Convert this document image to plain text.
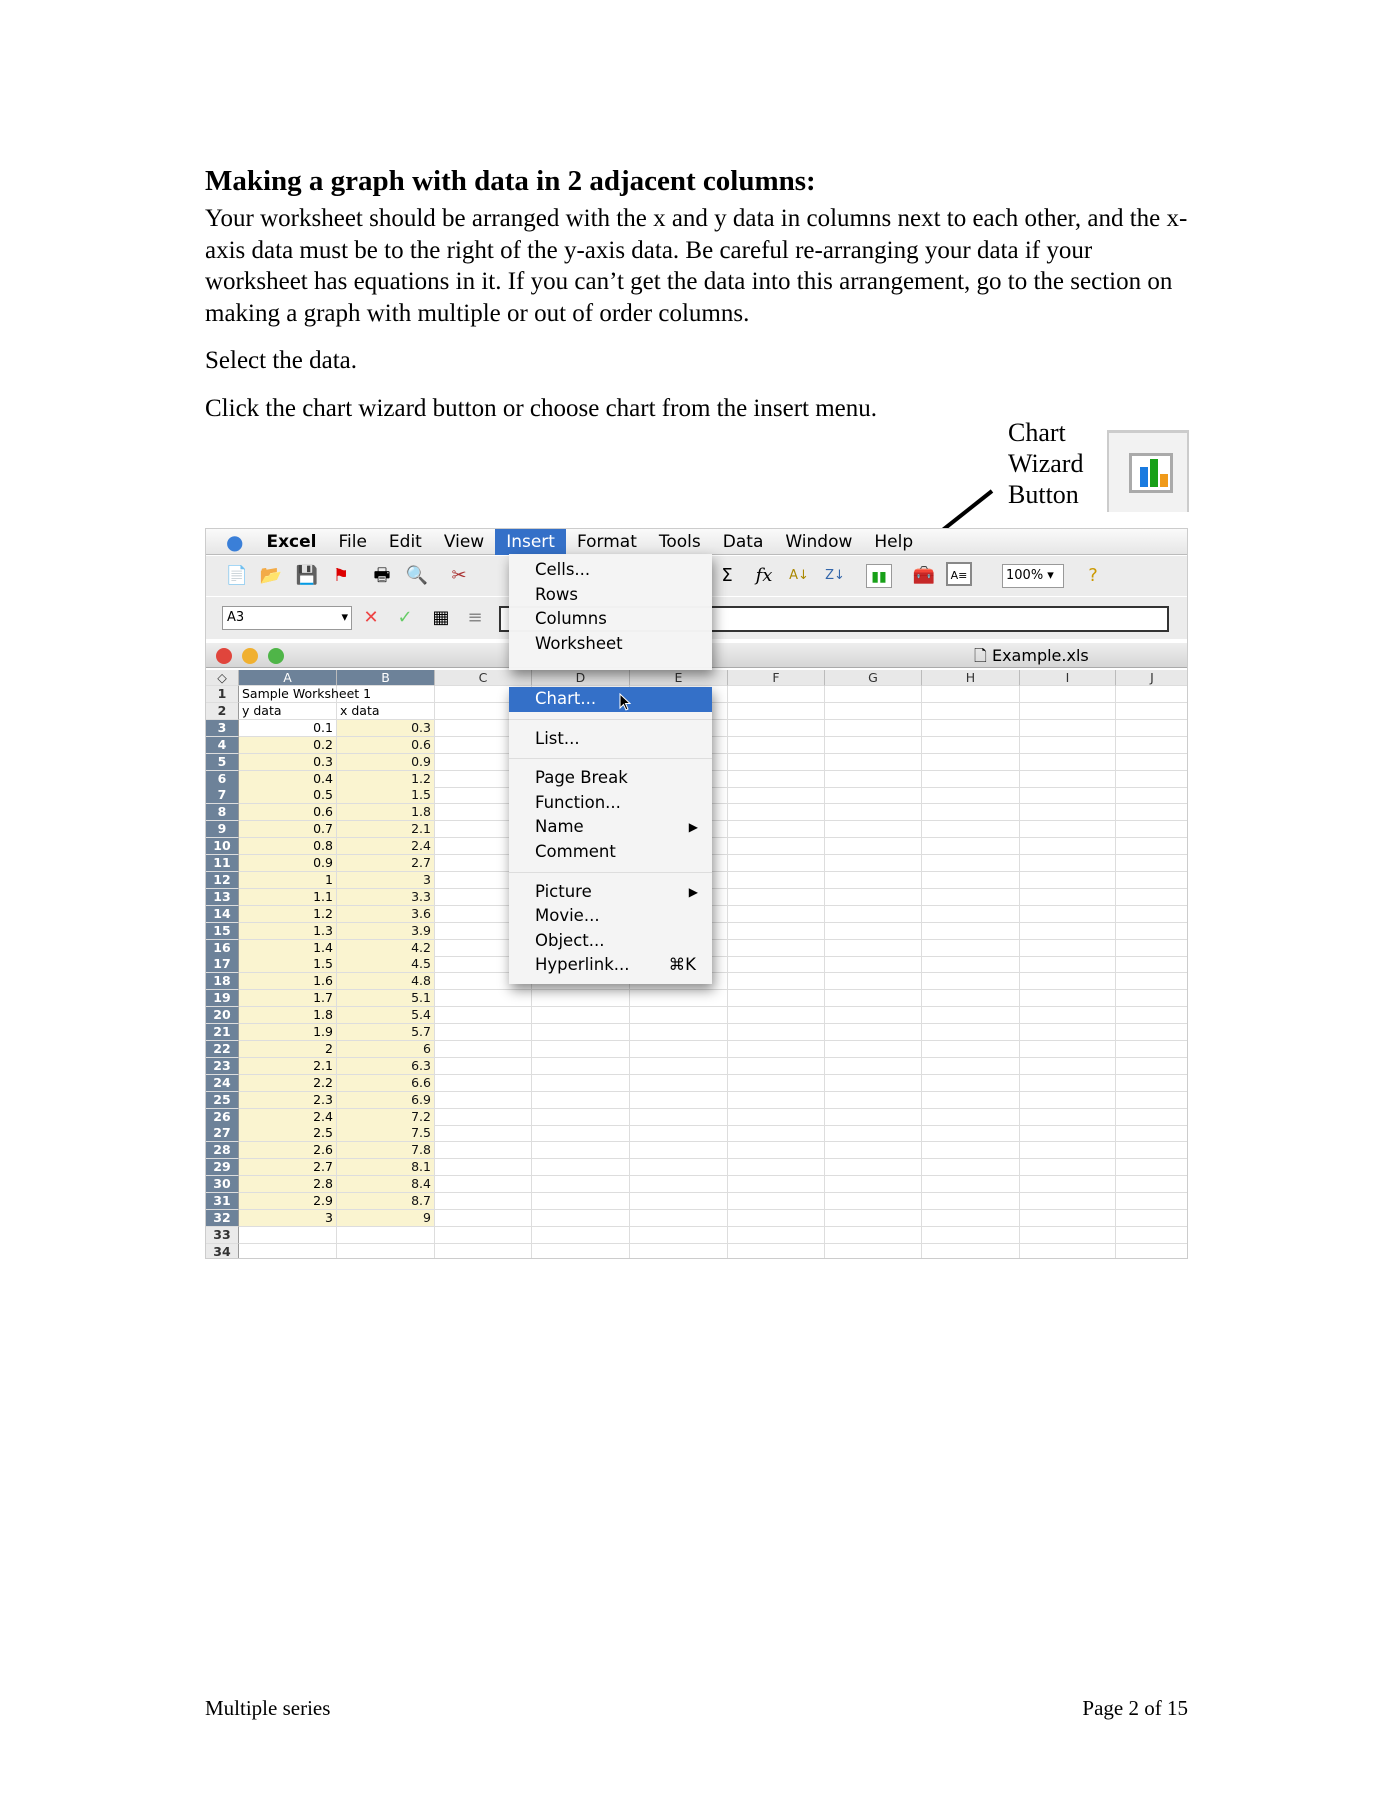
Making a graph with data in 2 adjacent columns:

Your worksheet should be arranged with the x and y data in columns next to each other, and the x-axis data must be to the right of the y-axis data. Be careful re-arranging your data if your worksheet has equations in it. If you can’t get the data into this arrangement, go to the section on making a graph with multiple or out of order columns.

Select the data.

Click the chart wizard button or choose chart from the insert menu.

Chart
Wizard
Button
●	Excel	File	Edit	View	Insert	Format	Tools	Data	Window	Help
📄 📂 💾 ⚑ 🖶 🔍	✂	Σ	fx	A↓ Z↓	▮▮ 🧰	A≡	100% ▾	?
A3	▾ ✕	✓	▦ ≡
🗋 Example.xls
◇	A	B	C	D	E	F	G	H	I	J
1	Sample Worksheet 1
2	y data	x data
3	0.1	0.3
4	0.2	0.6
5	0.3	0.9
6	0.4	1.2
7	0.5	1.5
8	0.6	1.8
9	0.7	2.1
10	0.8	2.4
11	0.9	2.7
12	1	3
13	1.1	3.3
14	1.2	3.6
15	1.3	3.9
16	1.4	4.2
17	1.5	4.5
18	1.6	4.8
19	1.7	5.1
20	1.8	5.4
21	1.9	5.7
22	2	6
23	2.1	6.3
24	2.2	6.6
25	2.3	6.9
26	2.4	7.2
27	2.5	7.5
28	2.6	7.8
29	2.7	8.1
30	2.8	8.4
31	2.9	8.7
32	3	9
33
34
Cells...
Rows
Columns
Worksheet
Chart...
List...
Page Break
Function...
Name	▶
Comment
Picture	▶
Movie...
Object...
Hyperlink... ⌘K
Multiple series	Page 2 of 15
